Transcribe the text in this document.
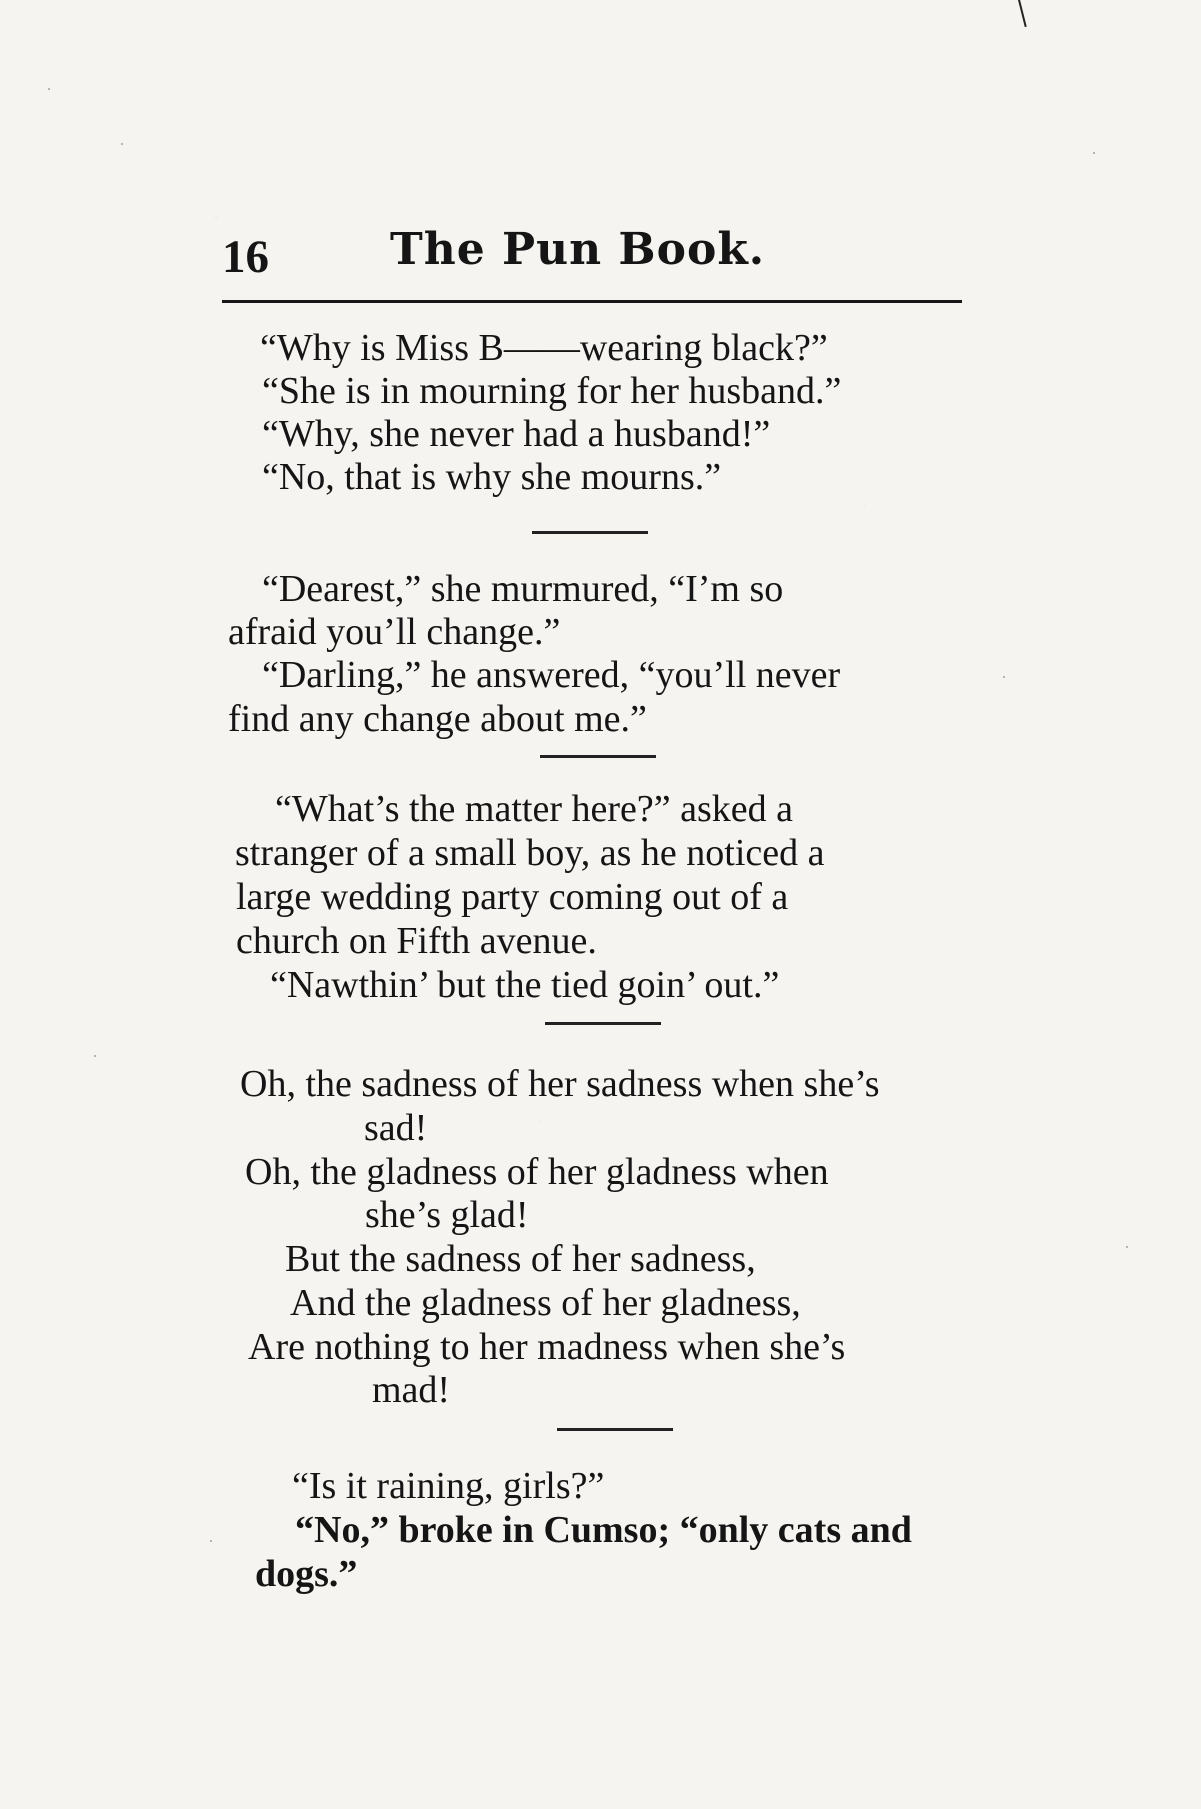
16	The Pun Book.
“Why is Miss B——wearing black?”
“She is in mourning for her husband.”
“Why, she never had a husband!”
“No, that is why she mourns.”
“Dearest,” she murmured, “I’m so
afraid you’ll change.”
“Darling,” he answered, “you’ll never
find any change about me.”
“What’s the matter here?” asked a
stranger of a small boy, as he noticed a
large wedding party coming out of a
church on Fifth avenue.
“Nawthin’ but the tied goin’ out.”
Oh, the sadness of her sadness when she’s
sad!
Oh, the gladness of her gladness when
she’s glad!
But the sadness of her sadness,
And the gladness of her gladness,
Are nothing to her madness when she’s
mad!
“Is it raining, girls?”
“No,” broke in Cumso; “only cats and
dogs.”
